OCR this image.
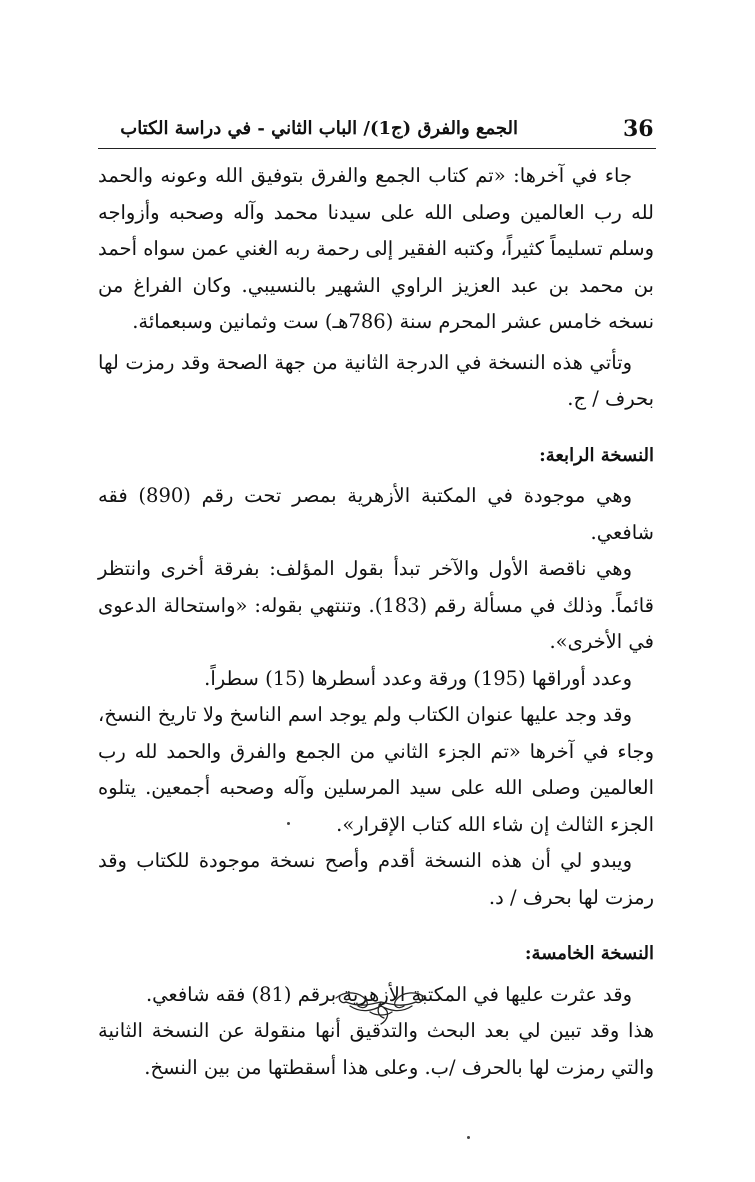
36
الجمع والفرق (ج1)/ الباب الثاني - في دراسة الكتاب

جاء في آخرها: «تم كتاب الجمع والفرق بتوفيق الله وعونه والحمد لله رب العالمين وصلى الله على سيدنا محمد وآله وصحبه وأزواجه وسلم تسليماً كثيراً، وكتبه الفقير إلى رحمة ربه الغني عمن سواه أحمد بن محمد بن عبد العزيز الراوي الشهير بالنسيبي. وكان الفراغ من نسخه خامس عشر المحرم سنة (786هـ) ست وثمانين وسبعمائة.

وتأتي هذه النسخة في الدرجة الثانية من جهة الصحة وقد رمزت لها بحرف / ج.

النسخة الرابعة:

وهي موجودة في المكتبة الأزهرية بمصر تحت رقم (890) فقه شافعي.

وهي ناقصة الأول والآخر تبدأ بقول المؤلف: بفرقة أخرى وانتظر قائماً. وذلك في مسألة رقم (183). وتنتهي بقوله: «واستحالة الدعوى في الأخرى».

وعدد أوراقها (195) ورقة وعدد أسطرها (15) سطراً.

وقد وجد عليها عنوان الكتاب ولم يوجد اسم الناسخ ولا تاريخ النسخ، وجاء في آخرها «تم الجزء الثاني من الجمع والفرق والحمد لله رب العالمين وصلى الله على سيد المرسلين وآله وصحبه أجمعين. يتلوه الجزء الثالث إن شاء الله كتاب الإقرار».

ويبدو لي أن هذه النسخة أقدم وأصح نسخة موجودة للكتاب وقد رمزت لها بحرف / د.

النسخة الخامسة:

وقد عثرت عليها في المكتبة الأزهرية برقم (81) فقه شافعي.

هذا وقد تبين لي بعد البحث والتدقيق أنها منقولة عن النسخة الثانية والتي رمزت لها بالحرف /ب. وعلى هذا أسقطتها من بين النسخ.
